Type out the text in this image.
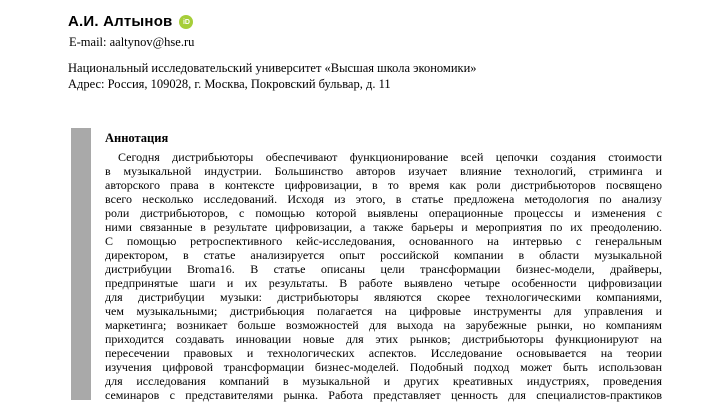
А.И. Алтынов iD
E-mail: aaltynov@hse.ru
Национальный исследовательский университет «Высшая школа экономики»
Адрес: Россия, 109028, г. Москва, Покровский бульвар, д. 11
Аннотация
Сегодня дистрибьюторы обеспечивают функционирование всей цепочки создания стоимости
в музыкальной индустрии. Большинство авторов изучает влияние технологий, стриминга и
авторского права в контексте цифровизации, в то время как роли дистрибьюторов посвящено
всего несколько исследований. Исходя из этого, в статье предложена методология по анализу
роли дистрибьюторов, с помощью которой выявлены операционные процессы и изменения с
ними связанные в результате цифровизации, а также барьеры и мероприятия по их преодолению.
С помощью ретроспективного кейс-исследования, основанного на интервью с генеральным
директором, в статье анализируется опыт российской компании в области музыкальной
дистрибуции Broma16. В статье описаны цели трансформации бизнес-модели, драйверы,
предпринятые шаги и их результаты. В работе выявлено четыре особенности цифровизации
для дистрибуции музыки: дистрибьюторы являются скорее технологическими компаниями,
чем музыкальными; дистрибьюция полагается на цифровые инструменты для управления и
маркетинга; возникает больше возможностей для выхода на зарубежные рынки, но компаниям
приходится создавать инновации новые для этих рынков; дистрибьюторы функционируют на
пересечении правовых и технологических аспектов. Исследование основывается на теории
изучения цифровой трансформации бизнес-моделей. Подобный подход может быть использован
для исследования компаний в музыкальной и других креативных индустриях, проведения
семинаров с представителями рынка. Работа представляет ценность для специалистов-практиков
